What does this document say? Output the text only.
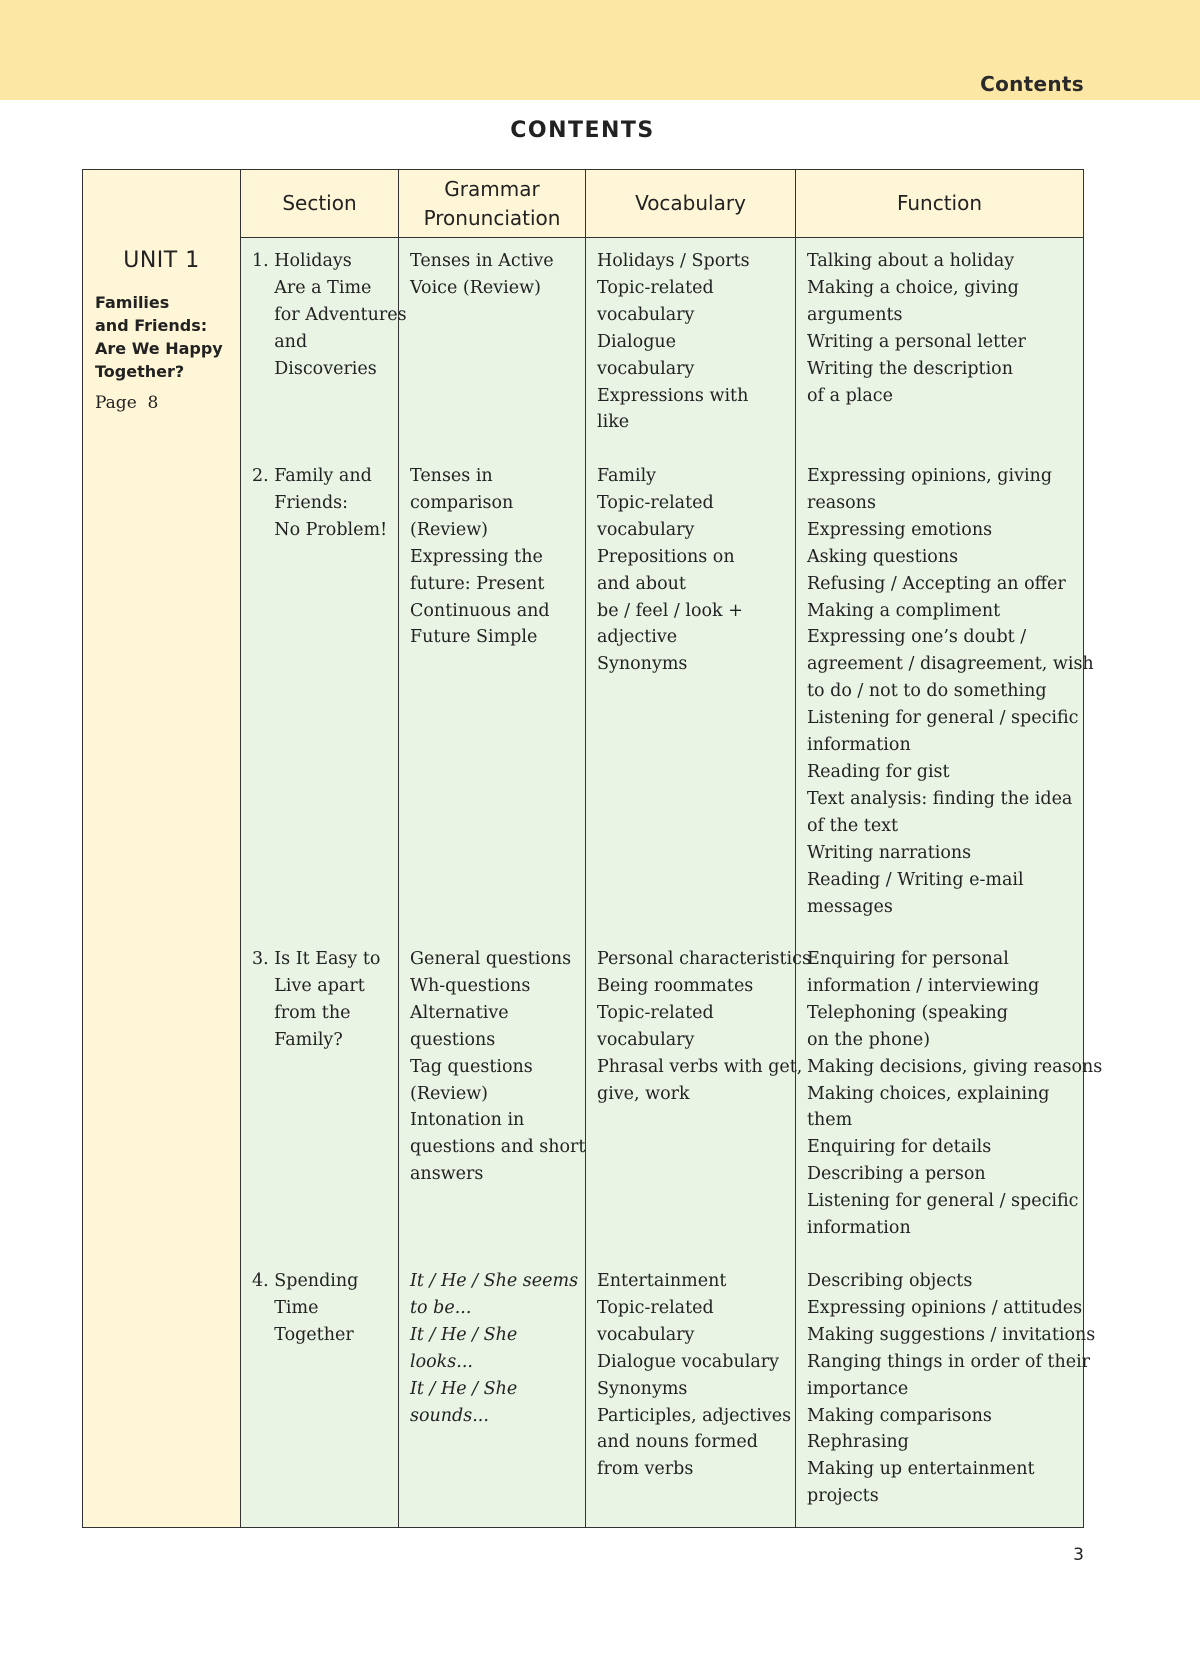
Contents
CONTENTS
UNIT 1
Families
and Friends:
Are We Happy
Together?
Page  8
Section
Grammar
Pronunciation
Vocabulary	Function
1. Holidays
Are a Time
for Adventures
and
Discoveries
2. Family and
Friends:
No Problem!
3. Is It Easy to
Live apart
from the
Family?
4. Spending
Time
Together
Tenses in Active
Voice (Review)
Tenses in
comparison
(Review)
Expressing the
future: Present
Continuous and
Future Simple
General questions
Wh-questions
Alternative
questions
Tag questions
(Review)
Intonation in
questions and short
answers
It / He / She seems
to be...
It / He / She
looks...
It / He / She
sounds...
Holidays / Sports
Topic-related
vocabulary
Dialogue
vocabulary
Expressions with
like
Family
Topic-related
vocabulary
Prepositions on
and about
be / feel / look +
adjective
Synonyms
Personal characteristics
Being roommates
Topic-related
vocabulary
Phrasal verbs with get,
give, work
Entertainment
Topic-related
vocabulary
Dialogue vocabulary
Synonyms
Participles, adjectives
and nouns formed
from verbs
Talking about a holiday
Making a choice, giving
arguments
Writing a personal letter
Writing the description
of a place
Expressing opinions, giving
reasons
Expressing emotions
Asking questions
Refusing / Accepting an offer
Making a compliment
Expressing one’s doubt /
agreement / disagreement, wish
to do / not to do something
Listening for general / specific
information
Reading for gist
Text analysis: finding the idea
of the text
Writing narrations
Reading / Writing e-mail
messages
Enquiring for personal
information / interviewing
Telephoning (speaking
on the phone)
Making decisions, giving reasons
Making choices, explaining
them
Enquiring for details
Describing a person
Listening for general / specific
information
Describing objects
Expressing opinions / attitudes
Making suggestions / invitations
Ranging things in order of their
importance
Making comparisons
Rephrasing
Making up entertainment
projects
3
